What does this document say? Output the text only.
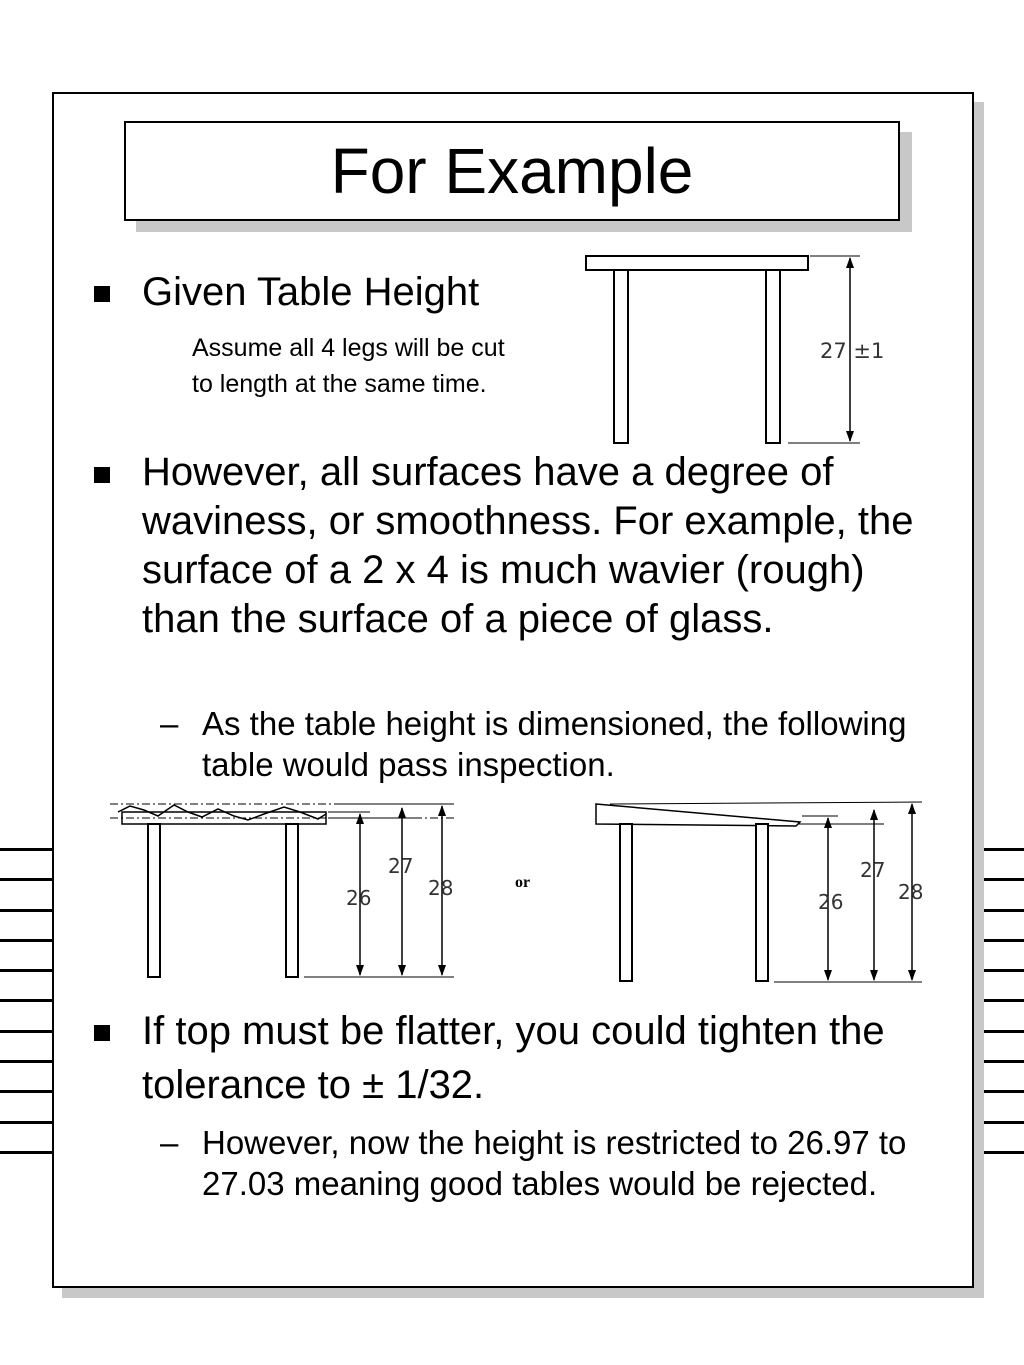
For Example

Given Table Height

Assume all 4 legs will be cut to length at the same time.

27 ±1

However, all surfaces have a degree of waviness, or smoothness. For example, the surface of a 2 x 4 is much wavier (rough) than the surface of a piece of glass.

– As the table height is dimensioned, the following table would pass inspection.

26
27
28	or
26
27
28

If top must be flatter, you could tighten the tolerance to ± 1/32.

– However, now the height is restricted to 26.97 to 27.03 meaning good tables would be rejected.
